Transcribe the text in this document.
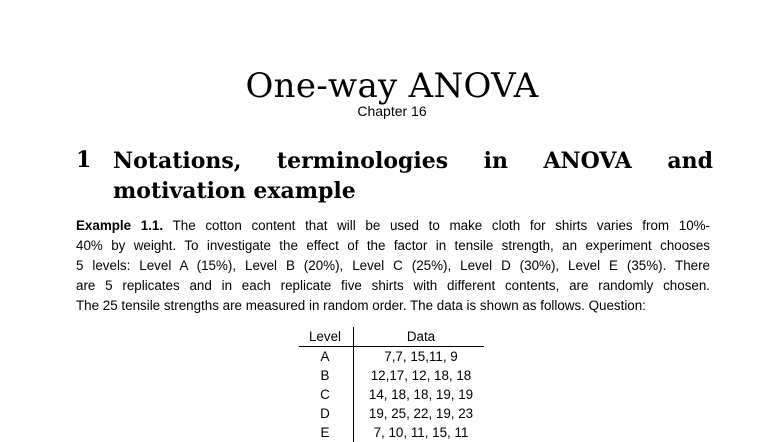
One-way ANOVA
Chapter 16
1 Notations, terminologies in ANOVA and motivation example
Example 1.1. The cotton content that will be used to make cloth for shirts varies from 10%-
40% by weight. To investigate the effect of the factor in tensile strength, an experiment chooses
5 levels: Level A (15%), Level B (20%), Level C (25%), Level D (30%), Level E (35%). There
are 5 replicates and in each replicate five shirts with different contents, are randomly chosen.
The 25 tensile strengths are measured in random order. The data is shown as follows. Question:
Level	Data
A	7,7, 15,11, 9
B	12,17, 12, 18, 18
C	14, 18, 18, 19, 19
D	19, 25, 22, 19, 23
E	7, 10, 11, 15, 11
